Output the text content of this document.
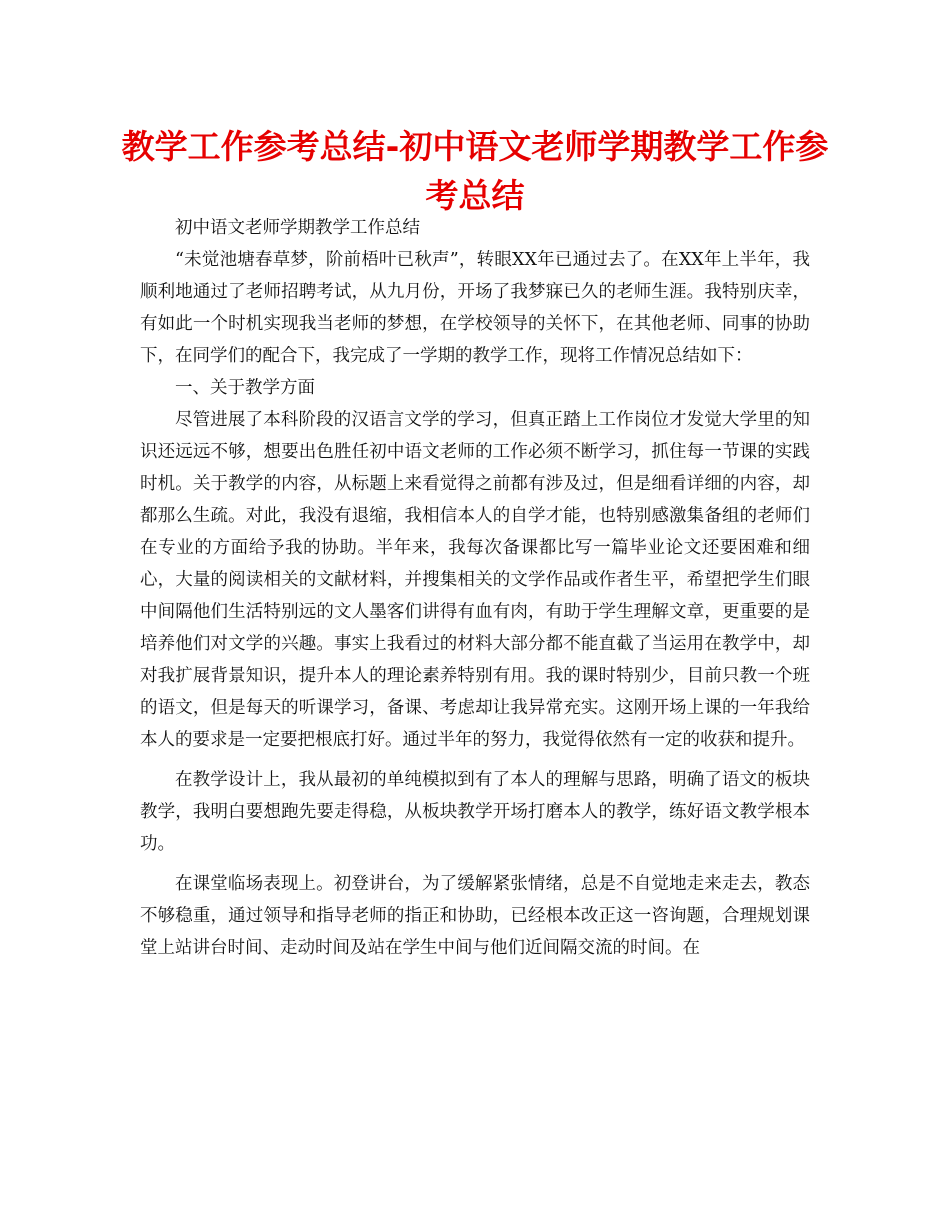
教学工作参考总结-初中语文老师学期教学工作参考总结

初中语文老师学期教学工作总结

“未觉池塘春草梦，阶前梧叶已秋声”，转眼XX年已通过去了。在XX年上半年，我顺利地通过了老师招聘考试，从九月份，开场了我梦寐已久的老师生涯。我特别庆幸，有如此一个时机实现我当老师的梦想，在学校领导的关怀下，在其他老师、同事的协助下，在同学们的配合下，我完成了一学期的教学工作，现将工作情况总结如下：

一、关于教学方面

尽管进展了本科阶段的汉语言文学的学习，但真正踏上工作岗位才发觉大学里的知识还远远不够，想要出色胜任初中语文老师的工作必须不断学习，抓住每一节课的实践时机。关于教学的内容，从标题上来看觉得之前都有涉及过，但是细看详细的内容，却都那么生疏。对此，我没有退缩，我相信本人的自学才能，也特别感激集备组的老师们在专业的方面给予我的协助。半年来，我每次备课都比写一篇毕业论文还要困难和细心，大量的阅读相关的文献材料，并搜集相关的文学作品或作者生平，希望把学生们眼中间隔他们生活特别远的文人墨客们讲得有血有肉，有助于学生理解文章，更重要的是培养他们对文学的兴趣。事实上我看过的材料大部分都不能直截了当运用在教学中，却对我扩展背景知识，提升本人的理论素养特别有用。我的课时特别少，目前只教一个班的语文，但是每天的听课学习，备课、考虑却让我异常充实。这刚开场上课的一年我给本人的要求是一定要把根底打好。通过半年的努力，我觉得依然有一定的收获和提升。

在教学设计上，我从最初的单纯模拟到有了本人的理解与思路，明确了语文的板块教学，我明白要想跑先要走得稳，从板块教学开场打磨本人的教学，练好语文教学根本功。

在课堂临场表现上。初登讲台，为了缓解紧张情绪，总是不自觉地走来走去，教态不够稳重，通过领导和指导老师的指正和协助，已经根本改正这一咨询题，合理规划课堂上站讲台时间、走动时间及站在学生中间与他们近间隔交流的时间。在
